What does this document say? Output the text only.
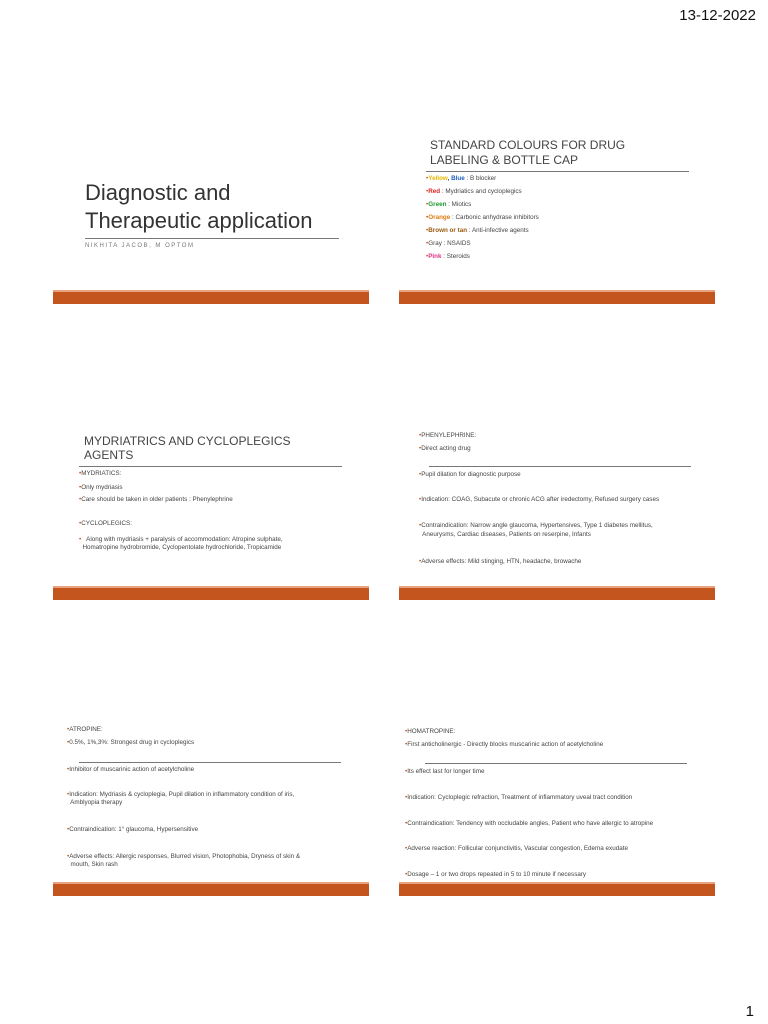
13-12-2022
Diagnostic and
Therapeutic application
NIKHITA JACOB, M OPTOM
STANDARD COLOURS FOR DRUG
LABELING & BOTTLE CAP
•Yellow, Blue : B blocker
•Red : Mydriatics and cycloplegics
•Green : Miotics
•Orange : Carbonic anhydrase inhibitors
•Brown or tan : Anti-infective agents
•Gray : NSAIDS
•Pink : Steroids
MYDRIATRICS AND CYCLOPLEGICS
AGENTS
•MYDRIATICS:
•Only mydriasis
•Care should be taken in older patients : Phenylephrine
•CYCLOPLEGICS:
• Along with mydriasis + paralysis of accommodation: Atropine sulphate,
Homatropine hydrobromide, Cyclopentolate hydrochloride, Tropicamide
•PHENYLEPHRINE:
•Direct acting drug
•Pupil dilation for diagnostic purpose
•Indication: COAG, Subacute or chronic ACG after iredectomy, Refused surgery cases
•Contraindication: Narrow angle glaucoma, Hypertensives, Type 1 diabetes mellitus,
Aneurysms, Cardiac diseases, Patients on reserpine, Infants
•Adverse effects: Mild stinging, HTN, headache, browache
•ATROPINE:
•0.5%, 1%,3%: Strongest drug in cycloplegics
•Inhibitor of muscarinic action of acetylcholine
•Indication: Mydriasis & cycloplegia, Pupil dilation in inflammatory condition of iris,
Amblyopia therapy
•Contraindication: 1° glaucoma, Hypersensitive
•Adverse effects: Allergic responses, Blurred vision, Photophobia, Dryness of skin &
mouth, Skin rash
•HOMATROPINE:
•First anticholinergic - Directly blocks muscarinic action of acetylcholine
•Its effect last for longer time
•Indication: Cycloplegic refraction, Treatment of inflammatory uveal tract condition
•Contraindication: Tendency with occludable angles, Patient who have allergic to atropine
•Adverse reaction: Follicular conjunctivitis, Vascular congestion, Edema exudate
•Dosage – 1 or two drops repeated in 5 to 10 minute if necessary
1
